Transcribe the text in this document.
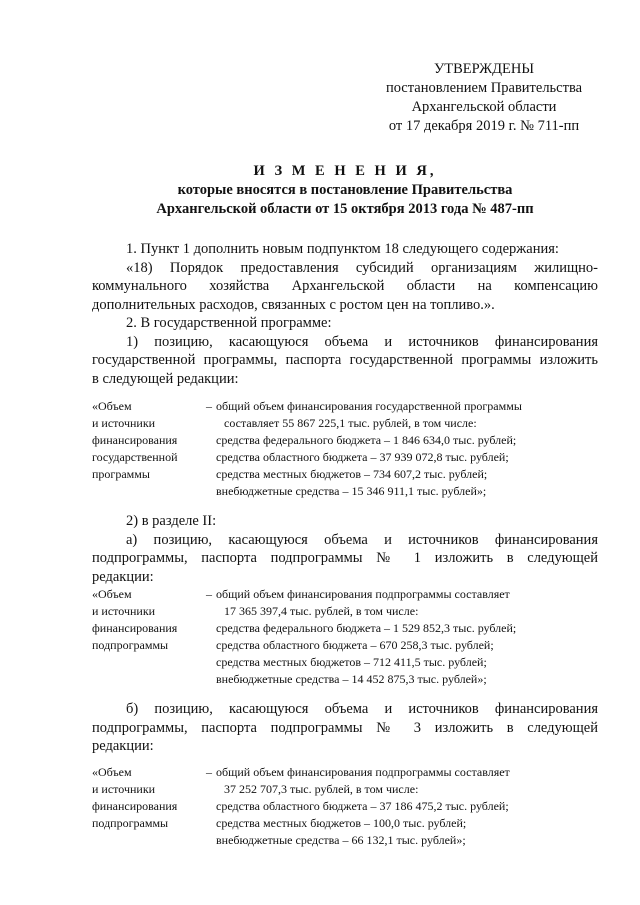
УТВЕРЖДЕНЫ
постановлением Правительства
Архангельской области
от 17 декабря 2019 г. № 711-пп
И З М Е Н Е Н И Я,
которые вносятся в постановление Правительства
Архангельской области от 15 октября 2013 года № 487-пп
1. Пункт 1 дополнить новым подпунктом 18 следующего содержания:
«18) Порядок предоставления субсидий организациям жилищно-
коммунального хозяйства Архангельской области на компенсацию
дополнительных расходов, связанных с ростом цен на топливо.».
2. В государственной программе:
1) позицию, касающуюся объема и источников финансирования
государственной программы, паспорта государственной программы изложить
в следующей редакции:
«Объем
и источники
финансирования
государственной
программы
– общий объем финансирования государственной программы
составляет 55 867 225,1 тыс. рублей, в том числе:
средства федерального бюджета – 1 846 634,0 тыс. рублей;
средства областного бюджета – 37 939 072,8 тыс. рублей;
средства местных бюджетов – 734 607,2 тыс. рублей;
внебюджетные средства – 15 346 911,1 тыс. рублей»;
2) в разделе II:
а) позицию, касающуюся объема и источников финансирования
подпрограммы, паспорта подпрограммы № 1 изложить в следующей
редакции:
«Объем
и источники
финансирования
подпрограммы
– общий объем финансирования подпрограммы составляет
17 365 397,4 тыс. рублей, в том числе:
средства федерального бюджета – 1 529 852,3 тыс. рублей;
средства областного бюджета – 670 258,3 тыс. рублей;
средства местных бюджетов – 712 411,5 тыс. рублей;
внебюджетные средства – 14 452 875,3 тыс. рублей»;
б) позицию, касающуюся объема и источников финансирования
подпрограммы, паспорта подпрограммы № 3 изложить в следующей
редакции:
«Объем
и источники
финансирования
подпрограммы
– общий объем финансирования подпрограммы составляет
37 252 707,3 тыс. рублей, в том числе:
средства областного бюджета – 37 186 475,2 тыс. рублей;
средства местных бюджетов – 100,0 тыс. рублей;
внебюджетные средства – 66 132,1 тыс. рублей»;
